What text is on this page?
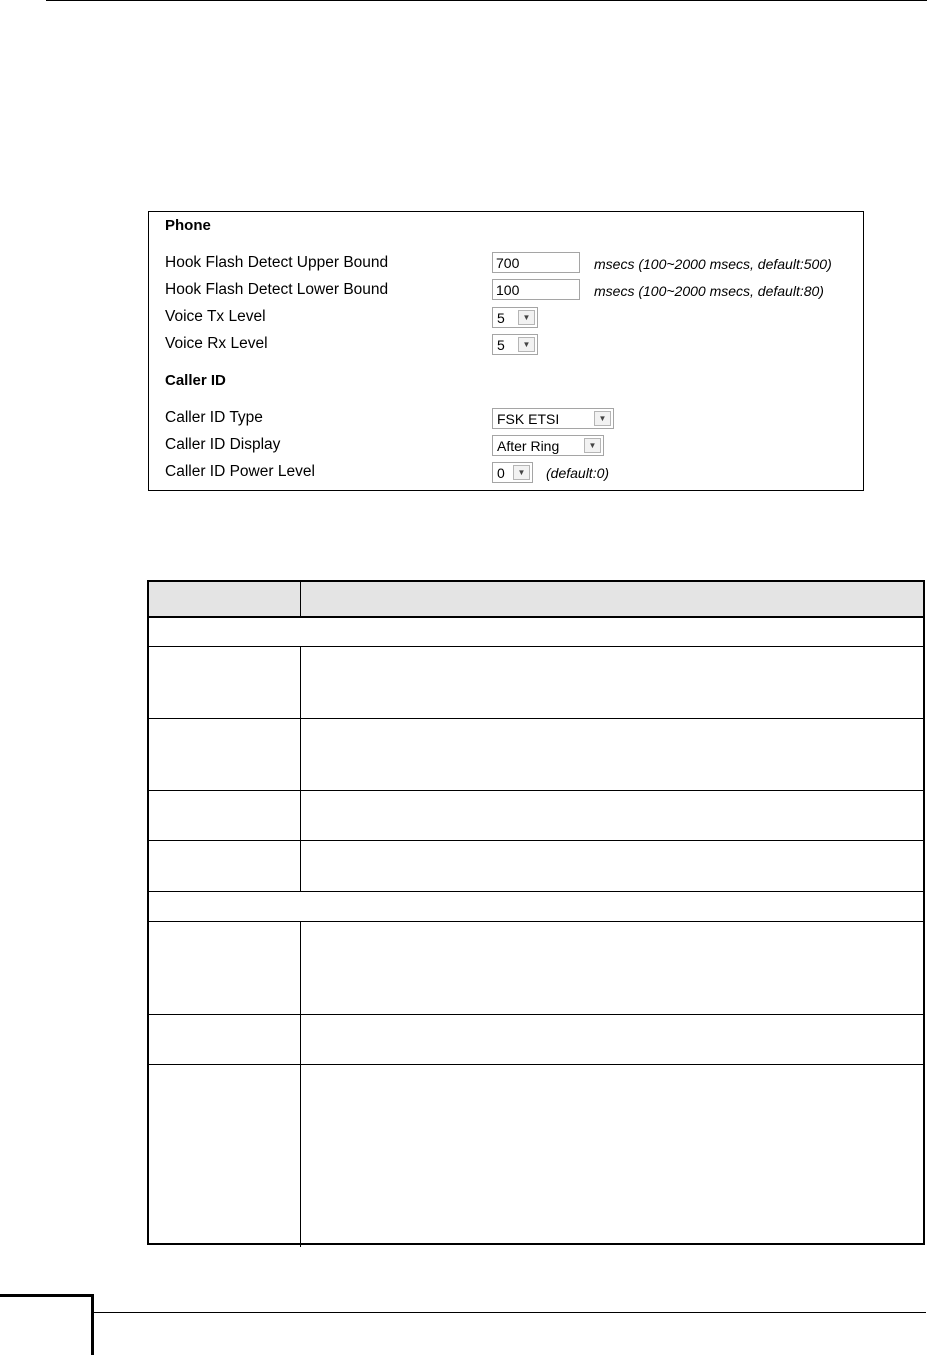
Phone
Hook Flash Detect Upper Bound	700	msecs (100~2000 msecs, default:500)
Hook Flash Detect Lower Bound	100	msecs (100~2000 msecs, default:80)
Voice Tx Level	5	▼
Voice Rx Level	5	▼
Caller ID
Caller ID Type	FSK ETSI	▼
Caller ID Display	After Ring	▼
Caller ID Power Level	0	▼	(default:0)
